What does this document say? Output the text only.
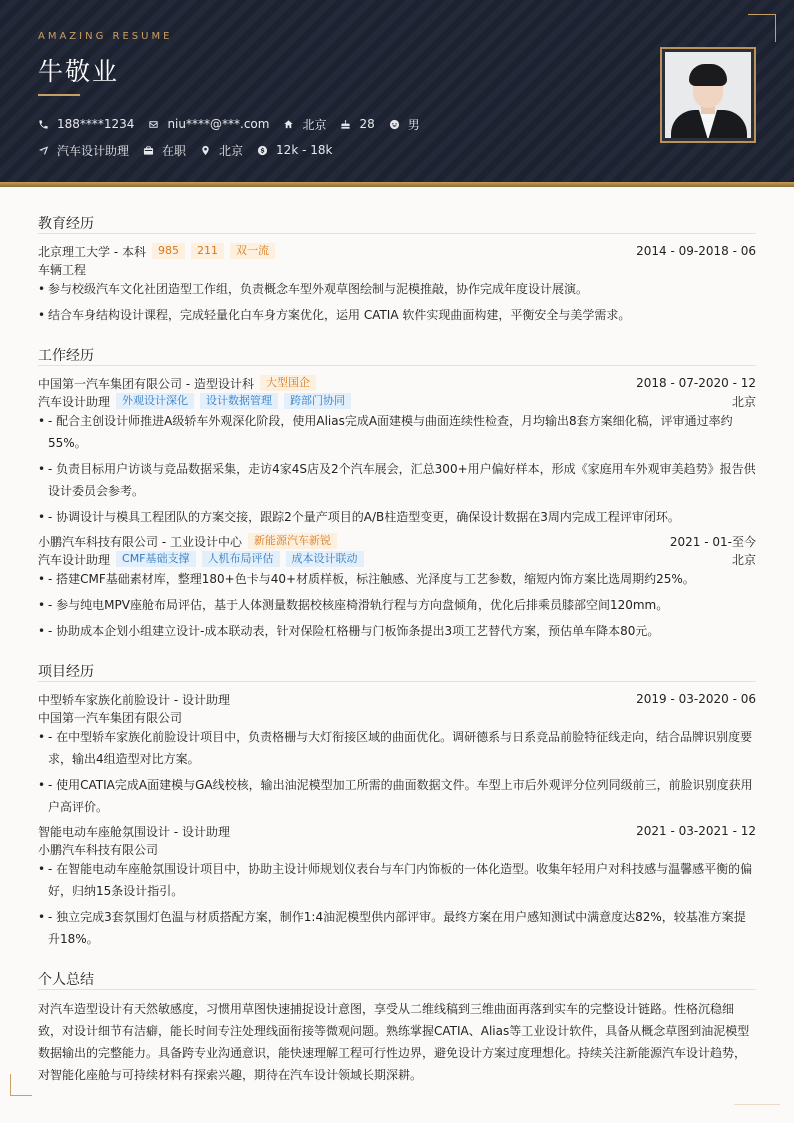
AMAZING RESUME
牛敬业
188****1234	niu****@***.com	北京	28	男
汽车设计助理	在职	北京	12k - 18k
教育经历
北京理工大学 - 本科	985	211	双一流	2014 - 09-2018 - 06
车辆工程
• 参与校级汽车文化社团造型工作组，负责概念车型外观草图绘制与泥模推敲，协作完成年度设计展演。
• 结合车身结构设计课程，完成轻量化白车身方案优化，运用 CATIA 软件实现曲面构建，平衡安全与美学需求。
工作经历
中国第一汽车集团有限公司 - 造型设计科	大型国企	2018 - 07-2020 - 12
汽车设计助理	外观设计深化	设计数据管理	跨部门协同	北京
• - 配合主创设计师推进A级轿车外观深化阶段，使用Alias完成A面建模与曲面连续性检查，月均输出8套方案细化稿，评审通过率约55%。
• - 负责目标用户访谈与竞品数据采集，走访4家4S店及2个汽车展会，汇总300+用户偏好样本，形成《家庭用车外观审美趋势》报告供设计委员会参考。
• - 协调设计与模具工程团队的方案交接，跟踪2个量产项目的A/B柱造型变更，确保设计数据在3周内完成工程评审闭环。
小鹏汽车科技有限公司 - 工业设计中心	新能源汽车新锐	2021 - 01-至今
汽车设计助理	CMF基础支撑	人机布局评估	成本设计联动	北京
• - 搭建CMF基础素材库，整理180+色卡与40+材质样板，标注触感、光泽度与工艺参数，缩短内饰方案比选周期约25%。
• - 参与纯电MPV座舱布局评估，基于人体测量数据校核座椅滑轨行程与方向盘倾角，优化后排乘员膝部空间120mm。
• - 协助成本企划小组建立设计-成本联动表，针对保险杠格栅与门板饰条提出3项工艺替代方案，预估单车降本80元。
项目经历
中型轿车家族化前脸设计 - 设计助理	2019 - 03-2020 - 06
中国第一汽车集团有限公司
• - 在中型轿车家族化前脸设计项目中，负责格栅与大灯衔接区域的曲面优化。调研德系与日系竞品前脸特征线走向，结合品牌识别度要求，输出4组造型对比方案。
• - 使用CATIA完成A面建模与GA线校核，输出油泥模型加工所需的曲面数据文件。车型上市后外观评分位列同级前三，前脸识别度获用户高评价。
智能电动车座舱氛围设计 - 设计助理	2021 - 03-2021 - 12
小鹏汽车科技有限公司
• - 在智能电动车座舱氛围设计项目中，协助主设计师规划仪表台与车门内饰板的一体化造型。收集年轻用户对科技感与温馨感平衡的偏好，归纳15条设计指引。
• - 独立完成3套氛围灯色温与材质搭配方案，制作1:4油泥模型供内部评审。最终方案在用户感知测试中满意度达82%，较基准方案提升18%。
个人总结
对汽车造型设计有天然敏感度，习惯用草图快速捕捉设计意图，享受从二维线稿到三维曲面再落到实车的完整设计链路。性格沉稳细致，对设计细节有洁癖，能长时间专注处理线面衔接等微观问题。熟练掌握CATIA、Alias等工业设计软件，具备从概念草图到油泥模型数据输出的完整能力。具备跨专业沟通意识，能快速理解工程可行性边界，避免设计方案过度理想化。持续关注新能源汽车设计趋势，对智能化座舱与可持续材料有探索兴趣，期待在汽车设计领域长期深耕。
